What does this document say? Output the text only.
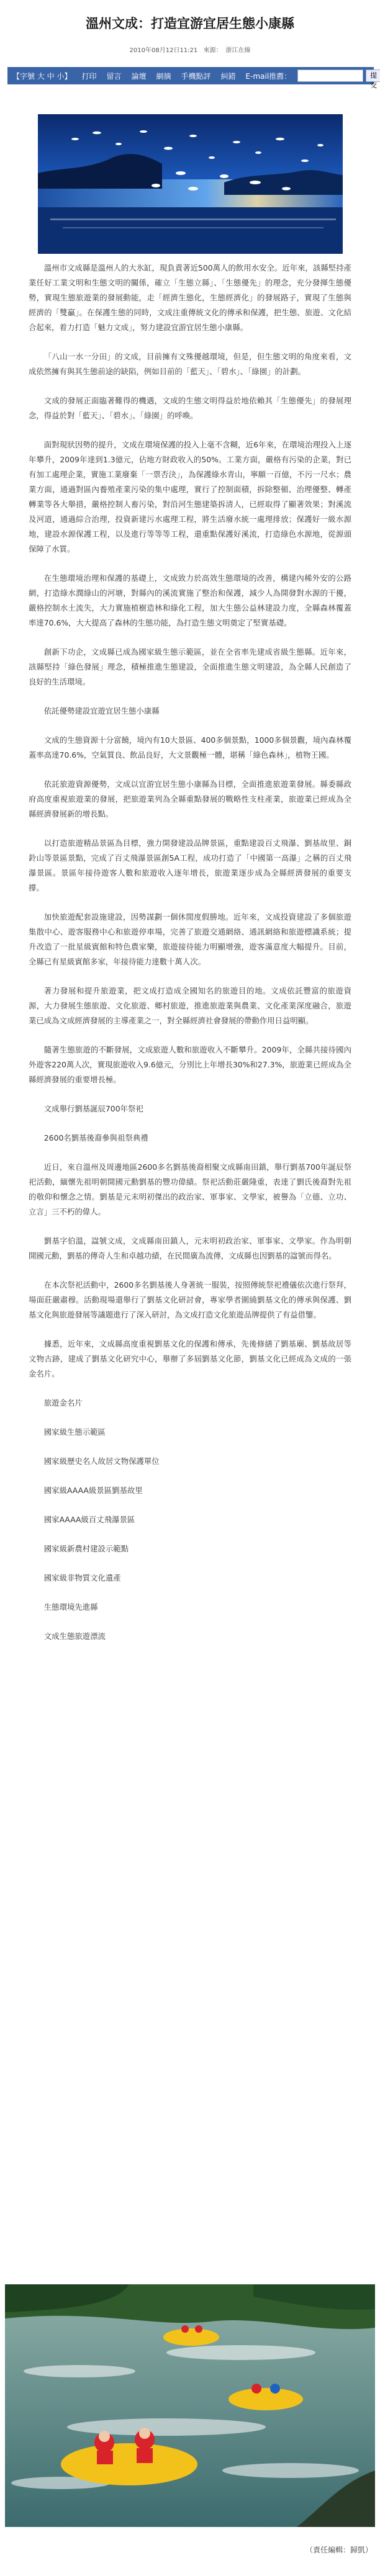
溫州文成：打造宜游宜居生態小康縣
2010年08月12日11:21 來源： 浙江在線
【字號 大 中 小】	打印	留言	論壇	網摘	手機點評	糾錯	E-mail推薦：	提交

溫州市文成縣是溫州人的大氷缸，現負責著近500萬人的飲用水安全。近年來，該縣堅持產業任好工業文明和生態文明的關係，確立「生態立縣」、「生態優先」的理念，充分發揮生態優勢，實現生態旅遊業的發展動能，走「經濟生態化，生態經濟化」的發展路子，實現了生態與經濟的「雙贏」。在保護生態的同時，文成注重傳統文化的傳承和保護，把生態、旅遊、文化結合起來，着力打造「魅力文成」，努力建設宜游宜居生態小康縣。

「八山一水一分田」的文成，目前擁有文殊優越環境，但是，但生態文明的角度來看，文成依然擁有與其生態前途的缺陷，例如目前的「藍天」、「碧水」、「綠園」的計劃。

文成的發展正面臨著難得的機遇，文成的生態文明得益於地依賴其「生態優先」的發展理念，得益於對「藍天」、「碧水」、「綠園」的呼喚。

面對現狀因勢的提升，文成在環境保護的投入上毫不含糊，近6年來，在環境治理投入上逐年攀升，2009年達到1.3億元，佔地方財政收入的50%。工業方面，嚴格有污染的企業，對已有加工處理企業，實施工業廢棄「一票否決」，為保護綠水青山，寧願一百億，不污一尺水；農業方面，通過對區內養殖產業污染的集中處理，實行了控制面積，拆除整頓、治理優整、轉產轉業等各大舉措，嚴格控制人畜污染，對沿河生態建築拆清人，已經取得了顯著效果；對溪流及河道，通過綜合治理，投資新建污水處理工程，將生活廢水統一處理排放；保護好一級水源地，建設水源保護工程，以及進行等等等工程，還重點保護好溪流，打造綠色水源地，從源頭保障了水質。

在生態環境治理和保護的基礎上，文成致力於高效生態環境的改善，構建內稀外安的公路網，打造綠水潤綠山的河塘，對縣內的溪流實施了整治和保護，減少人為開發對水源的干擾，嚴格控制水土流失，大力實施植樹造林和綠化工程，加大生態公益林建設力度，全縣森林覆蓋率達70.6%，大大提高了森林的生態功能，為打造生態文明奠定了堅實基礎。

創新下功企，文成縣已成為國家級生態示範區，並在全省率先建成省級生態縣。近年來，該縣堅持「綠色發展」理念，積極推進生態建設，全面推進生態文明建設，為全縣人民創造了良好的生活環境。

依託優勢建設宜遊宜居生態小康縣

文成的生態資源十分富饒，境內有10大景區、400多個景點，1000多個景觀，境內森林覆蓋率高達70.6%，空氣質良、飲品良好，大文景觀極一體，堪稱「綠色森林」，植物王國。

依託旅遊資源優勢，文成以宜游宜居生態小康縣為目標，全面推進旅遊業發展。縣委縣政府高度重視旅遊業的發展，把旅遊業列為全縣重點發展的戰略性支柱產業，旅遊業已經成為全縣經濟發展新的增長點。

以打造旅遊精品景區為目標，強力開發建設品牌景區，重點建設百丈飛瀑、劉基故里、銅鈴山等景區景點，完成了百丈飛瀑景區創5A工程，成功打造了「中國第一高瀑」之稱的百丈飛瀑景區。景區年接待遊客人數和旅遊收入逐年增長，旅遊業逐步成為全縣經濟發展的重要支撐。

加快旅遊配套設施建設，因勢謀劃一個休閒度假勝地。近年來，文成投資建設了多個旅遊集散中心、遊客服務中心和旅遊停車場，完善了旅遊交通網絡、通訊網絡和旅遊標識系統；提升改造了一批星級賓館和特色農家樂，旅遊接待能力明顯增強，遊客滿意度大幅提升。目前，全縣已有星級賓館多家，年接待能力達數十萬人次。

著力發展和提升旅遊業，把文成打造成全國知名的旅遊目的地。文成依託豐富的旅遊資源，大力發展生態旅遊、文化旅遊、鄉村旅遊，推進旅遊業與農業、文化產業深度融合，旅遊業已成為文成經濟發展的主導產業之一，對全縣經濟社會發展的帶動作用日益明顯。

隨著生態旅遊的不斷發展，文成旅遊人數和旅遊收入不斷攀升。2009年，全縣共接待國內外遊客220萬人次，實現旅遊收入9.6億元，分別比上年增長30%和27.3%，旅遊業已經成為全縣經濟發展的重要增長極。

文成舉行劉基誕辰700年祭祀

2600名劉基後裔參與祖祭典禮

近日，來自溫州及周邊地區2600多名劉基後裔相聚文成縣南田鎮，舉行劉基700年誕辰祭祀活動，緬懷先祖明朝開國元勳劉基的豐功偉績。祭祀活動莊嚴隆重，表達了劉氏後裔對先祖的敬仰和懷念之情。劉基是元末明初傑出的政治家、軍事家、文學家，被譽為「立德、立功、立言」三不朽的偉人。

劉基字伯溫，諡號文成，文成縣南田鎮人，元末明初政治家、軍事家、文學家。作為明朝開國元勳，劉基的傳奇人生和卓越功績，在民間廣為流傳，文成縣也因劉基的諡號而得名。

在本次祭祀活動中，2600多名劉基後人身著統一服裝，按照傳統祭祀禮儀依次進行祭拜，場面莊嚴肅穆。活動現場還舉行了劉基文化研討會，專家學者圍繞劉基文化的傳承與保護、劉基文化與旅遊發展等議題進行了深入研討，為文成打造文化旅遊品牌提供了有益借鑒。

據悉，近年來，文成縣高度重視劉基文化的保護和傳承，先後修繕了劉基廟、劉基故居等文物古跡，建成了劉基文化研究中心，舉辦了多屆劉基文化節，劉基文化已經成為文成的一張金名片。

旅遊金名片

國家級生態示範區

國家級歷史名人故居文物保護單位

國家級AAAA級景區劉基故里

國家AAAA級百丈飛瀑景區

國家級新農村建設示範點

國家級非物質文化遺產

生態環境先進縣

文成生態旅遊漂流

（責任編輯：歸凱）
